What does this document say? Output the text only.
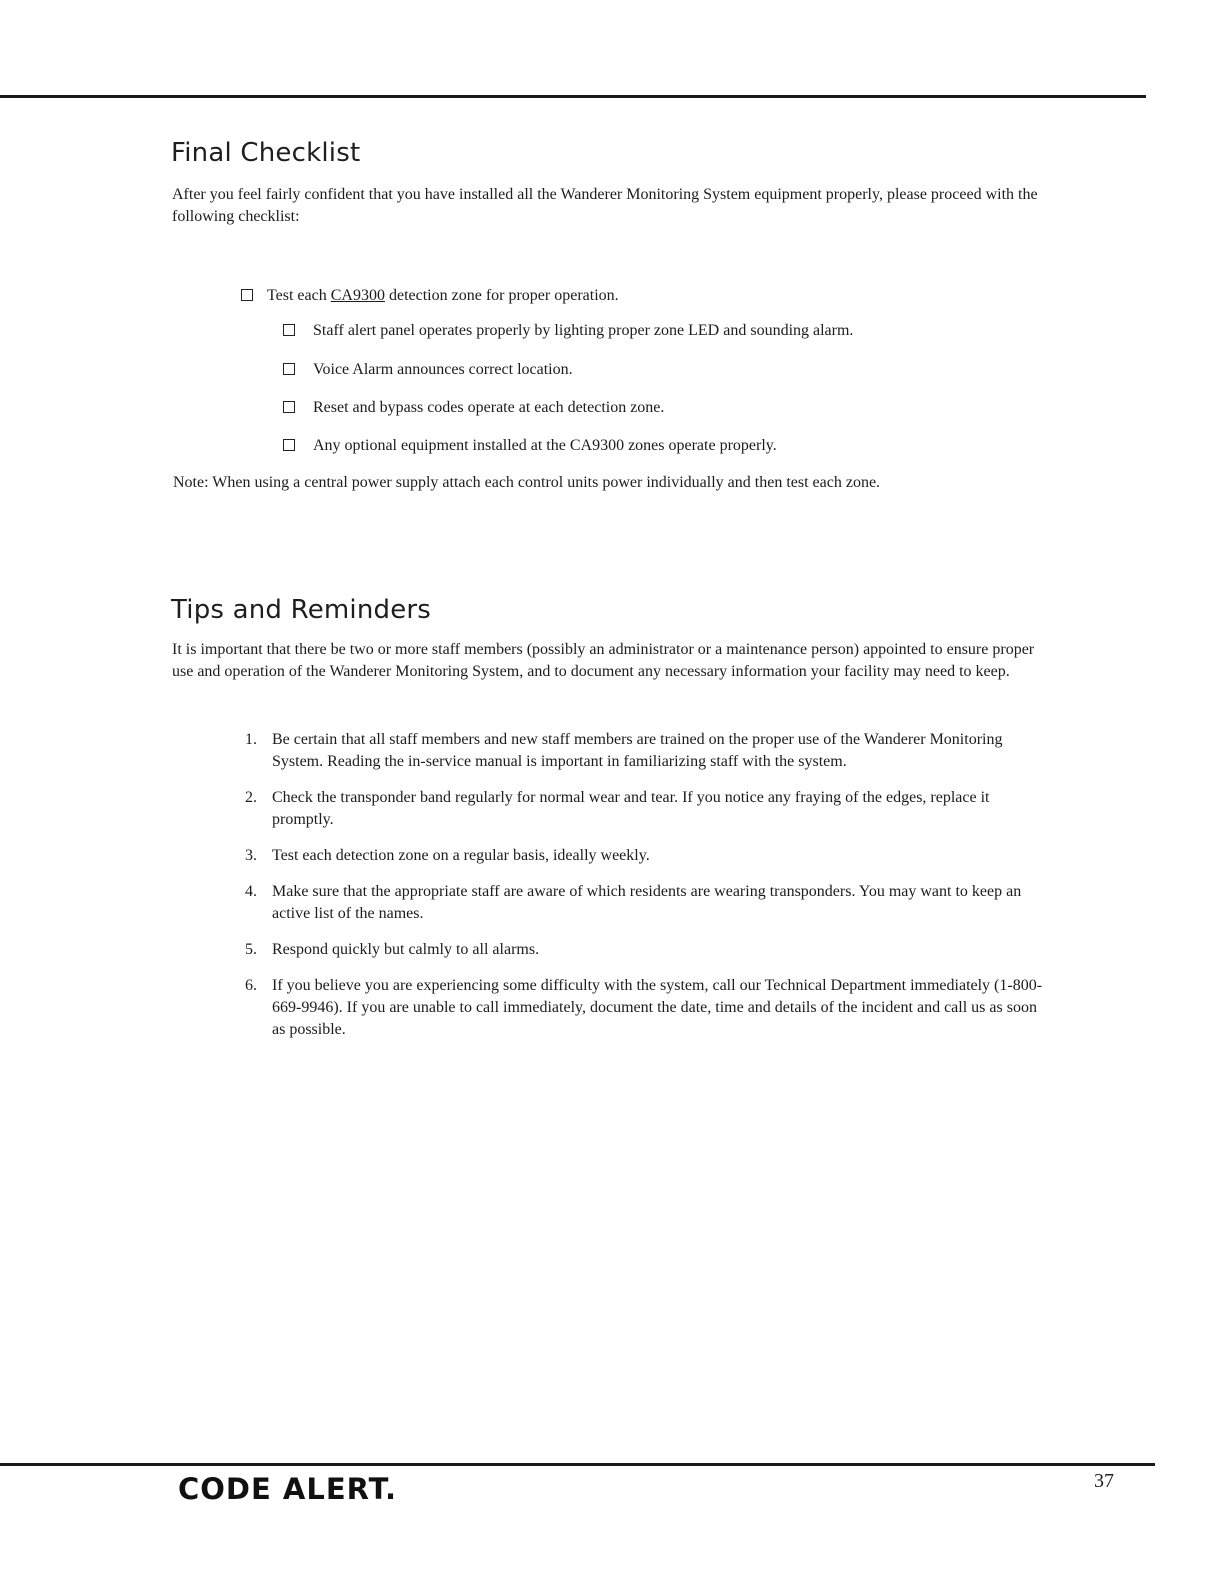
Final Checklist

After you feel fairly confident that you have installed all the Wanderer Monitoring System equipment properly, please proceed with the following checklist:

Test each CA9300 detection zone for proper operation.
Staff alert panel operates properly by lighting proper zone LED and sounding alarm.
Voice Alarm announces correct location.
Reset and bypass codes operate at each detection zone.
Any optional equipment installed at the CA9300 zones operate properly.
Note: When using a central power supply attach each control units power individually and then test each zone.
Tips and Reminders

It is important that there be two or more staff members (possibly an administrator or a maintenance person) appointed to ensure proper use and operation of the Wanderer Monitoring System, and to document any necessary information your facility may need to keep.

1. Be certain that all staff members and new staff members are trained on the proper use of the Wanderer Monitoring System. Reading the in-service manual is important in familiarizing staff with the system.
2. Check the transponder band regularly for normal wear and tear. If you notice any fraying of the edges, replace it promptly.
3. Test each detection zone on a regular basis, ideally weekly.
4. Make sure that the appropriate staff are aware of which residents are wearing transponders. You may want to keep an active list of the names.
5. Respond quickly but calmly to all alarms.
6. If you believe you are experiencing some difficulty with the system, call our Technical Department immediately (1-800-669-9946). If you are unable to call immediately, document the date, time and details of the incident and call us as soon as possible.
CODE ALERT.	37
